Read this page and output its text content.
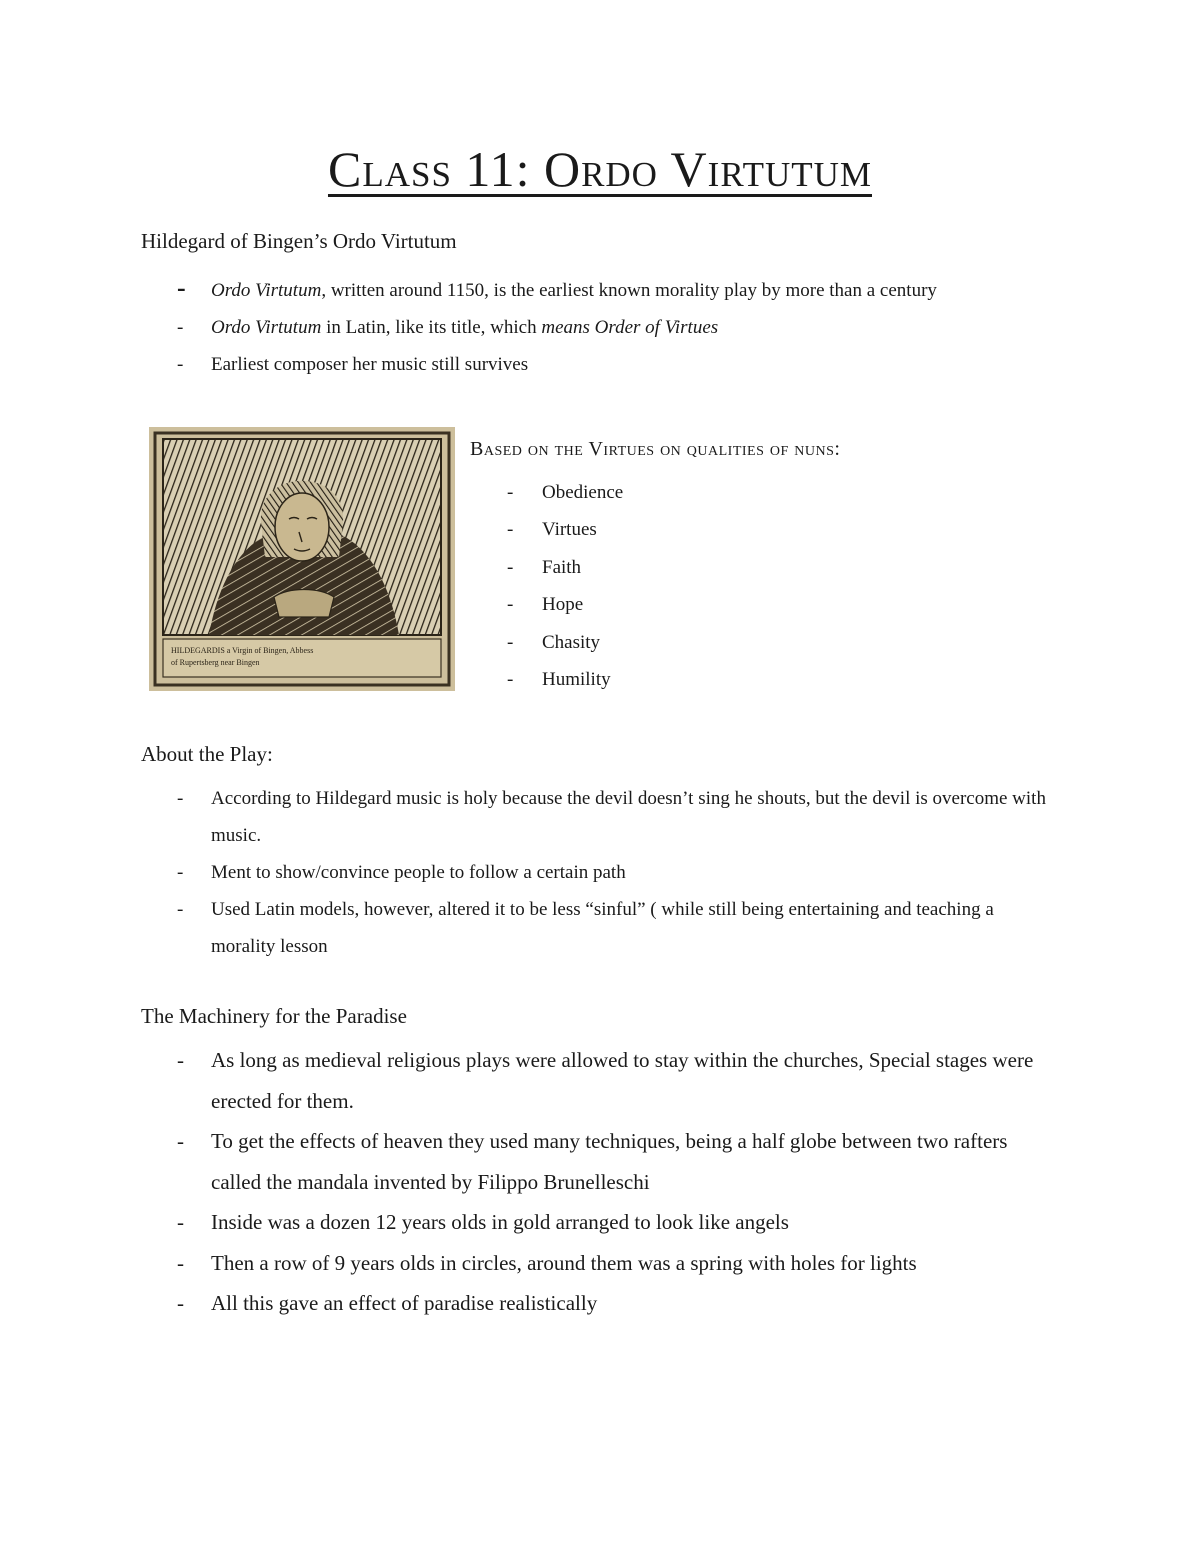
Class 11: Ordo Virtutum
Hildegard of Bingen’s Ordo Virtutum
- Ordo Virtutum, written around 1150, is the earliest known morality play by more than a century
- Ordo Virtutum in Latin, like its title, which means Order of Virtues
- Earliest composer her music still survives
HILDEGARDIS a Virgin of Bingen, Abbess
of Rupertsberg near Bingen
Based on the Virtues on qualities of nuns:
- Obedience
- Virtues
- Faith
- Hope
- Chasity
- Humility
About the Play:
- According to Hildegard music is holy because the devil doesn’t sing he shouts, but the devil is overcome with music.
- Ment to show/convince people to follow a certain path
- Used Latin models, however, altered it to be less “sinful” ( while still being entertaining and teaching a morality lesson
The Machinery for the Paradise
- As long as medieval religious plays were allowed to stay within the churches, Special stages were erected for them.
- To get the effects of heaven they used many techniques, being a half globe between two rafters called the mandala invented by Filippo Brunelleschi
- Inside was a dozen 12 years olds in gold arranged to look like angels
- Then a row of 9 years olds in circles, around them was a spring with holes for lights
- All this gave an effect of paradise realistically
